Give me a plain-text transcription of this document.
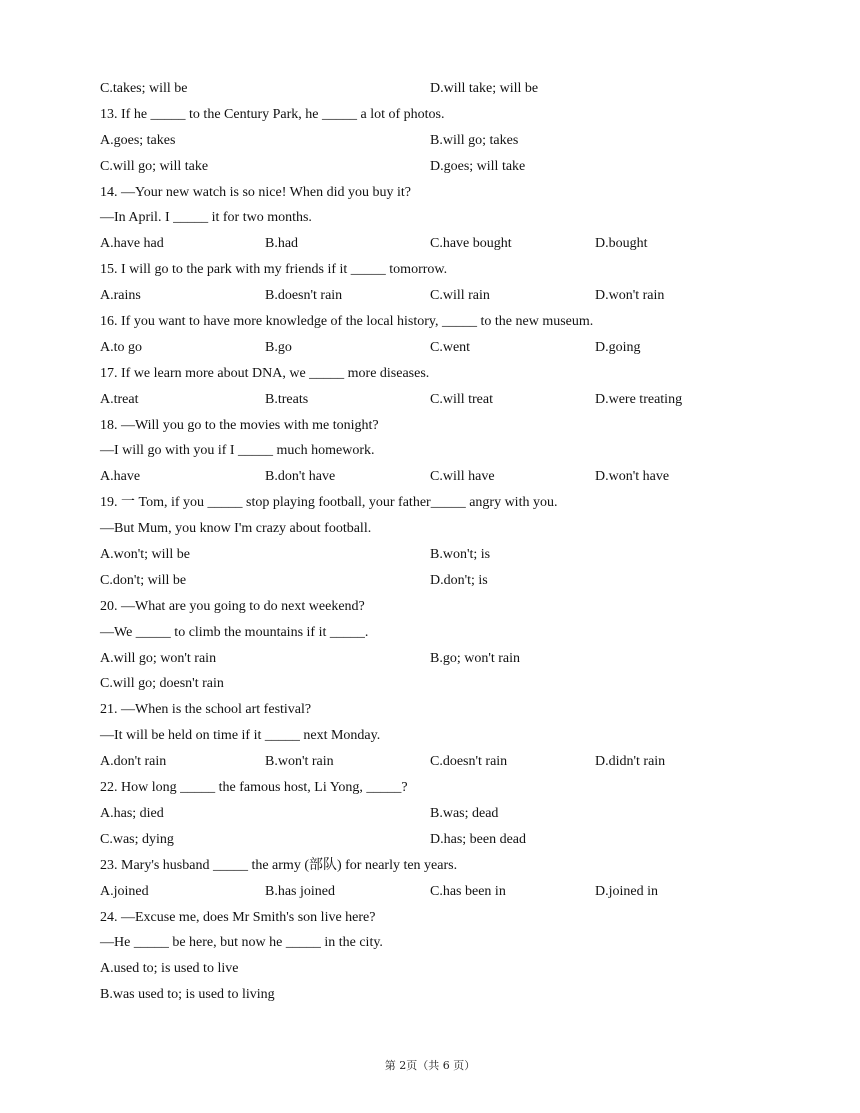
C.takes; will be	D.will take; will be
13. If he _____ to the Century Park, he _____ a lot of photos.
A.goes; takes	B.will go; takes
C.will go; will take	D.goes; will take
14. —Your new watch is so nice! When did you buy it?
—In April. I _____ it for two months.
A.have had	B.had	C.have bought	D.bought
15. I will go to the park with my friends if it _____ tomorrow.
A.rains	B.doesn't rain	C.will rain	D.won't rain
16. If you want to have more knowledge of the local history, _____ to the new museum.
A.to go	B.go	C.went	D.going
17. If we learn more about DNA, we _____ more diseases.
A.treat	B.treats	C.will treat	D.were treating
18. —Will you go to the movies with me tonight?
—I will go with you if I _____ much homework.
A.have	B.don't have	C.will have	D.won't have
19. 一 Tom, if you _____ stop playing football, your father_____ angry with you.
—But Mum, you know I'm crazy about football.
A.won't; will be	B.won't; is
C.don't; will be	D.don't; is
20. —What are you going to do next weekend?
—We _____ to climb the mountains if it _____.
A.will go; won't rain	B.go; won't rain
C.will go; doesn't rain
21. —When is the school art festival?
—It will be held on time if it _____ next Monday.
A.don't rain	B.won't rain	C.doesn't rain	D.didn't rain
22. How long _____ the famous host, Li Yong, _____?
A.has; died	B.was; dead
C.was; dying	D.has; been dead
23. Mary's husband _____ the army (部队) for nearly ten years.
A.joined	B.has joined	C.has been in	D.joined in
24. —Excuse me, does Mr Smith's son live here?
—He _____ be here, but now he _____ in the city.
A.used to; is used to live
B.was used to; is used to living
第 2页（共 6 页）
